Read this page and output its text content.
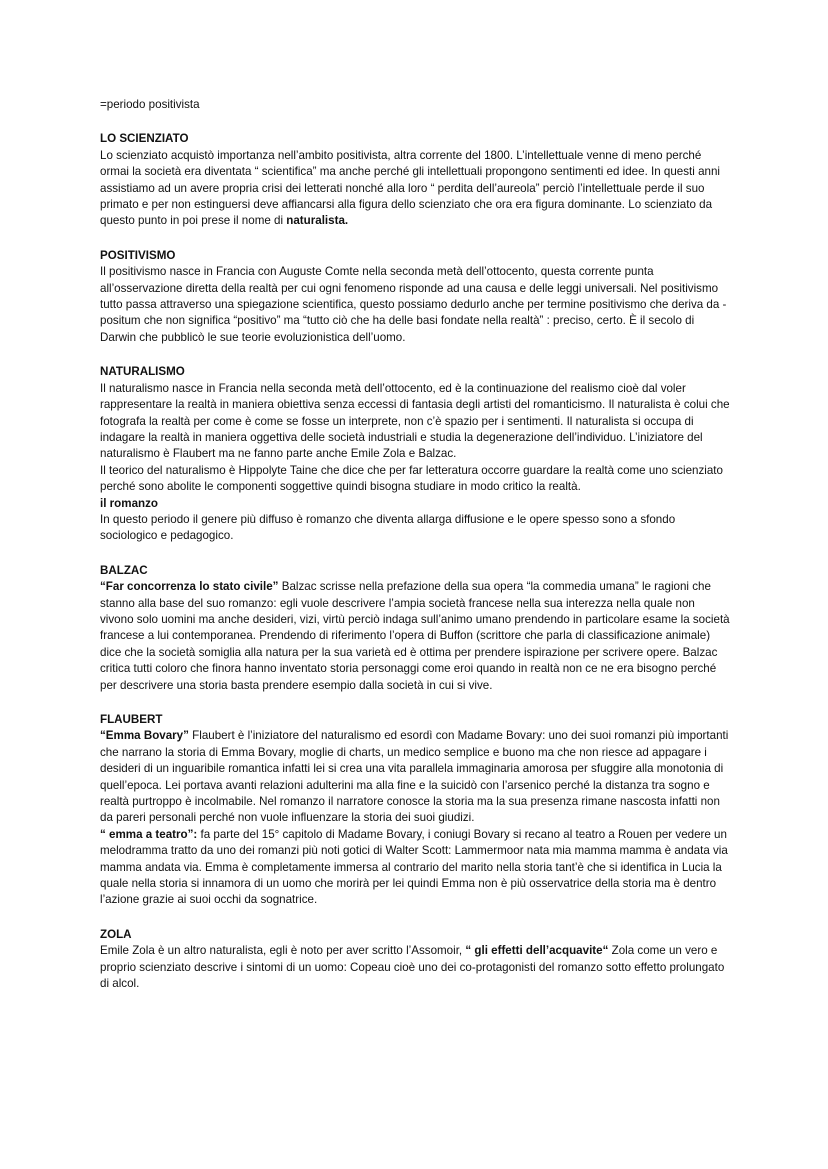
=periodo positivista

LO SCIENZIATO

Lo scienziato acquistò importanza nell’ambito positivista, altra corrente del 1800. L’intellettuale venne di meno perché ormai la società era diventata “ scientifica” ma anche perché gli intellettuali propongono sentimenti ed idee. In questi anni assistiamo ad un avere propria crisi dei letterati nonché alla loro “ perdita dell’aureola” perciò l’intellettuale perde il suo primato e per non estinguersi deve affiancarsi alla figura dello scienziato che ora era figura dominante. Lo scienziato da questo punto in poi prese il nome di naturalista.

POSITIVISMO

Il positivismo nasce in Francia con Auguste Comte nella seconda metà dell’ottocento, questa corrente punta all’osservazione diretta della realtà per cui ogni fenomeno risponde ad una causa e delle leggi universali. Nel positivismo tutto passa attraverso una spiegazione scientifica, questo possiamo dedurlo anche per termine positivismo che deriva da -positum che non significa “positivo” ma “tutto ciò che ha delle basi fondate nella realtà” : preciso, certo. È il secolo di Darwin che pubblicò le sue teorie evoluzionistica dell’uomo.

NATURALISMO

Il naturalismo nasce in Francia nella seconda metà dell’ottocento, ed è la continuazione del realismo cioè dal voler rappresentare la realtà in maniera obiettiva senza eccessi di fantasia degli artisti del romanticismo. Il naturalista è colui che fotografa la realtà per come è come se fosse un interprete, non c’è spazio per i sentimenti. Il naturalista si occupa di indagare la realtà in maniera oggettiva delle società industriali e studia la degenerazione dell’individuo. L’iniziatore del naturalismo è Flaubert ma ne fanno parte anche Emile Zola e Balzac.

Il teorico del naturalismo è Hippolyte Taine che dice che per far letteratura occorre guardare la realtà come uno scienziato perché sono abolite le componenti soggettive quindi bisogna studiare in modo critico la realtà.

il romanzo

In questo periodo il genere più diffuso è romanzo che diventa allarga diffusione e le opere spesso sono a sfondo sociologico e pedagogico.

BALZAC

“Far concorrenza lo stato civile” Balzac scrisse nella prefazione della sua opera “la commedia umana” le ragioni che stanno alla base del suo romanzo: egli vuole descrivere l’ampia società francese nella sua interezza nella quale non vivono solo uomini ma anche desideri, vizi, virtù perciò indaga sull’animo umano prendendo in particolare esame la società francese a lui contemporanea. Prendendo di riferimento l’opera di Buffon (scrittore che parla di classificazione animale) dice che la società somiglia alla natura per la sua varietà ed è ottima per prendere ispirazione per scrivere opere. Balzac critica tutti coloro che finora hanno inventato storia personaggi come eroi quando in realtà non ce ne era bisogno perché per descrivere una storia basta prendere esempio dalla società in cui si vive.

FLAUBERT

“Emma Bovary” Flaubert è l’iniziatore del naturalismo ed esordì con Madame Bovary: uno dei suoi romanzi più importanti che narrano la storia di Emma Bovary, moglie di charts, un medico semplice e buono ma che non riesce ad appagare i desideri di un inguaribile romantica infatti lei si crea una vita parallela immaginaria amorosa per sfuggire alla monotonia di quell’epoca. Lei portava avanti relazioni adulterini ma alla fine e la suicidò con l’arsenico perché la distanza tra sogno e realtà purtroppo è incolmabile. Nel romanzo il narratore conosce la storia ma la sua presenza rimane nascosta infatti non da pareri personali perché non vuole influenzare la storia dei suoi giudizi.

“ emma a teatro”: fa parte del 15° capitolo di Madame Bovary, i coniugi Bovary si recano al teatro a Rouen per vedere un melodramma tratto da uno dei romanzi più noti gotici di Walter Scott: Lammermoor nata mia mamma mamma è andata via mamma andata via. Emma è completamente immersa al contrario del marito nella storia tant’è che si identifica in Lucia la quale nella storia si innamora di un uomo che morirà per lei quindi Emma non è più osservatrice della storia ma è dentro l’azione grazie ai suoi occhi da sognatrice.

ZOLA

Emile Zola è un altro naturalista, egli è noto per aver scritto l’Assomoir, “ gli effetti dell’acquavite“ Zola come un vero e proprio scienziato descrive i sintomi di un uomo: Copeau cioè uno dei co-protagonisti del romanzo sotto effetto prolungato di alcol.
